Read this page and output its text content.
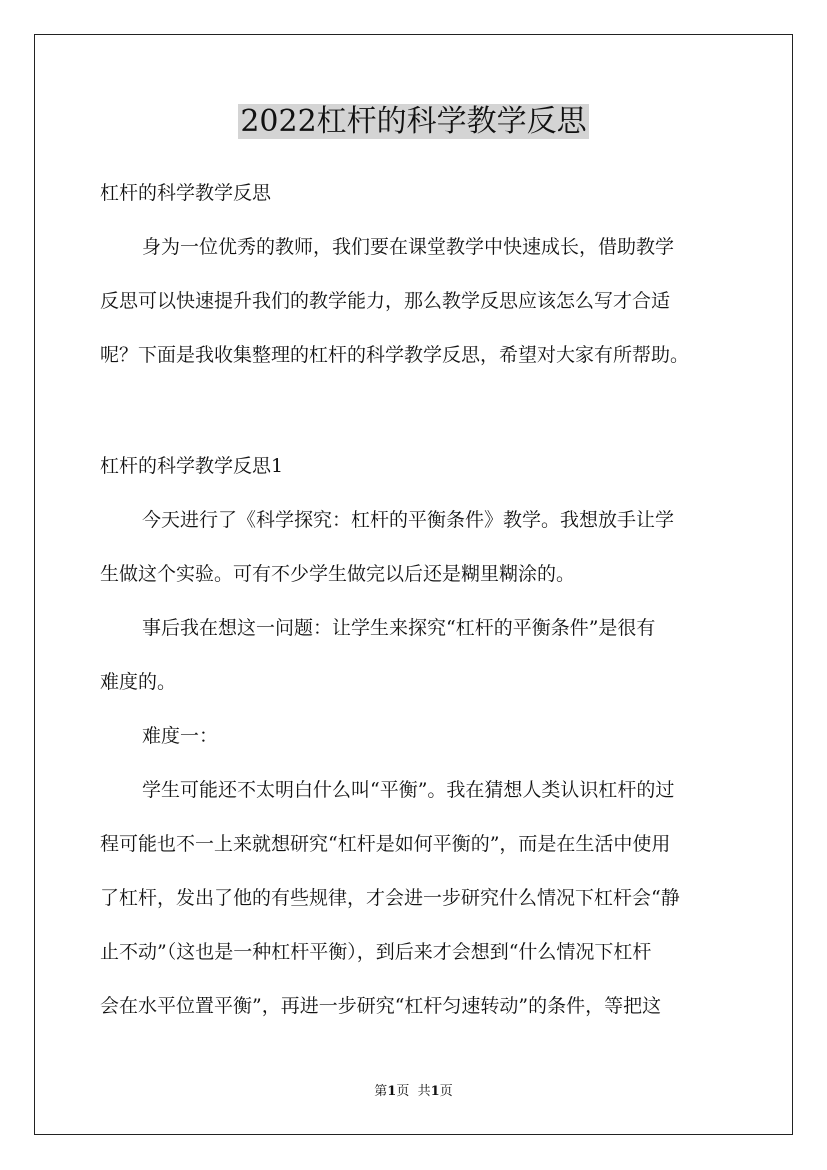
2022杠杆的科学教学反思

杠杆的科学教学反思

身为一位优秀的教师，我们要在课堂教学中快速成长，借助教学

反思可以快速提升我们的教学能力，那么教学反思应该怎么写才合适

呢？下面是我收集整理的杠杆的科学教学反思，希望对大家有所帮助。

杠杆的科学教学反思1

今天进行了《科学探究：杠杆的平衡条件》教学。我想放手让学

生做这个实验。可有不少学生做完以后还是糊里糊涂的。

事后我在想这一问题：让学生来探究“杠杆的平衡条件”是很有

难度的。

难度一：

学生可能还不太明白什么叫“平衡”。我在猜想人类认识杠杆的过

程可能也不一上来就想研究“杠杆是如何平衡的”，而是在生活中使用

了杠杆，发出了他的有些规律，才会进一步研究什么情况下杠杆会“静

止不动”（这也是一种杠杆平衡），到后来才会想到“什么情况下杠杆

会在水平位置平衡”，再进一步研究“杠杆匀速转动”的条件，等把这

第1页 共1页
